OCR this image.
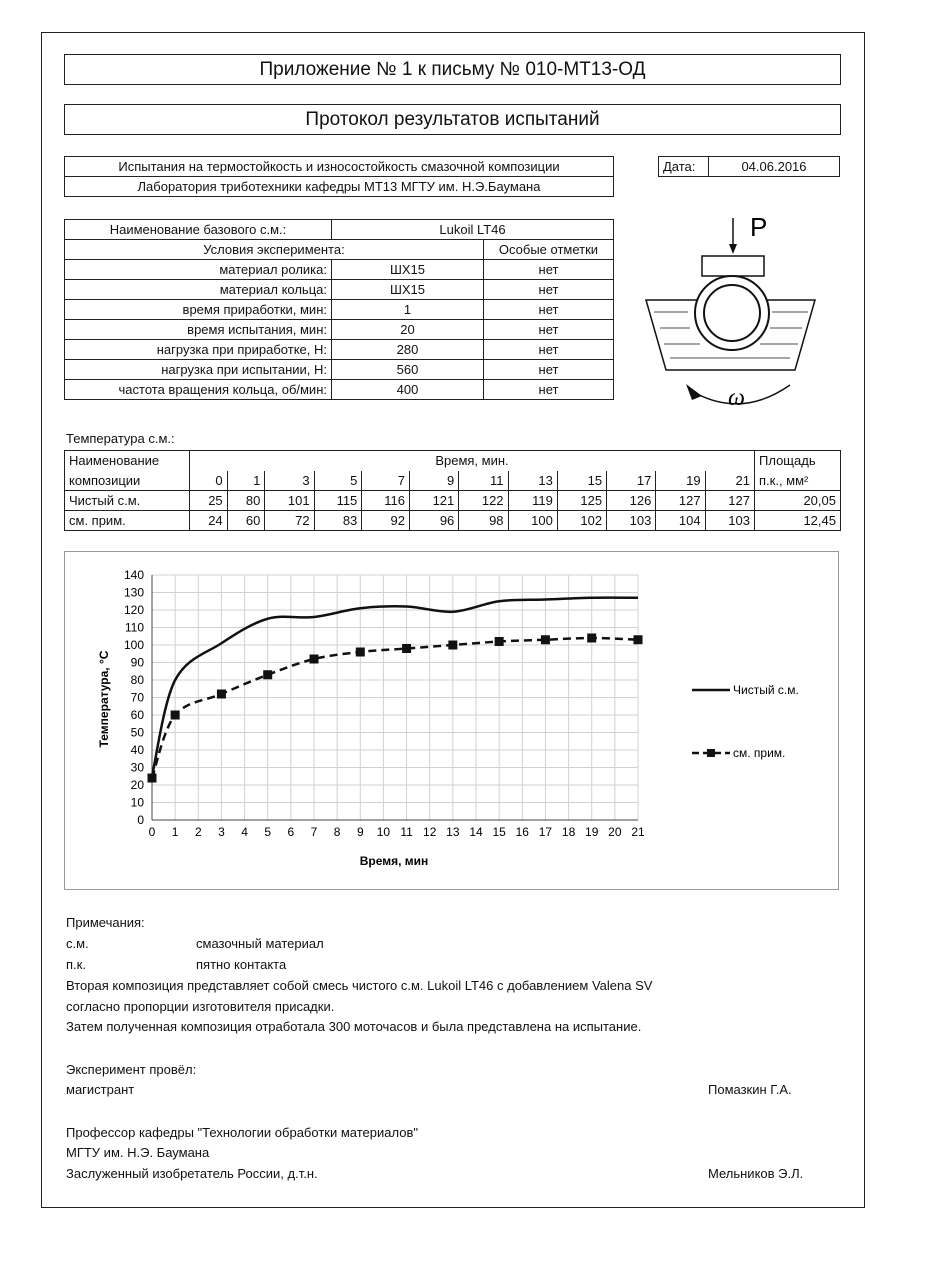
Приложение № 1 к письму № 010-МТ13-ОД
Протокол результатов испытаний
Испытания на термостойкость и износостойкость смазочной композиции
Лаборатория триботехники кафедры МТ13 МГТУ им. Н.Э.Баумана
Дата:	04.06.2016
Наименование базового с.м.:	Lukoil LT46	
Условия эксперимента:		Особые отметки
материал ролика:	ШХ15	нет
материал кольца:	ШХ15	нет
время приработки, мин:	1	нет
время испытания, мин:	20	нет
нагрузка при приработке, Н:	280	нет
нагрузка при испытании, Н:	560	нет
частота вращения кольца, об/мин:	400	нет
P
ω
Температура с.м.:
Наименование	Время, мин.												Площадь
композиции	0	1	3	5	7	9	11	13	15	17	19	21	п.к., мм²
Чистый с.м.	25	80	101	115	116	121	122	119	125	126	127	127	20,05
см. прим.	24	60	72	83	92	96	98	100	102	103	104	103	12,45
0 1 2 3 4 5 6 7 8 9 10 11 12 13 14 15 16 17 18 19 20 21
0
10
20
30
40
50
60
70
80
90
100
110
120
130
140
Время, мин
Температура, °С	Чистый с.м.
см. прим.
Примечания:
с.м.	смазочный материал
п.к.	пятно контакта
Вторая композиция представляет собой смесь чистого с.м. Lukoil LT46 с добавлением Valena SV
согласно пропорции изготовителя присадки.
Затем полученная композиция отработала 300 моточасов и была представлена на испытание.
Эксперимент провёл:
магистрант	Помазкин Г.А.
Профессор кафедры "Технологии обработки материалов"
МГТУ им. Н.Э. Баумана
Заслуженный изобретатель России, д.т.н.	Мельников Э.Л.
